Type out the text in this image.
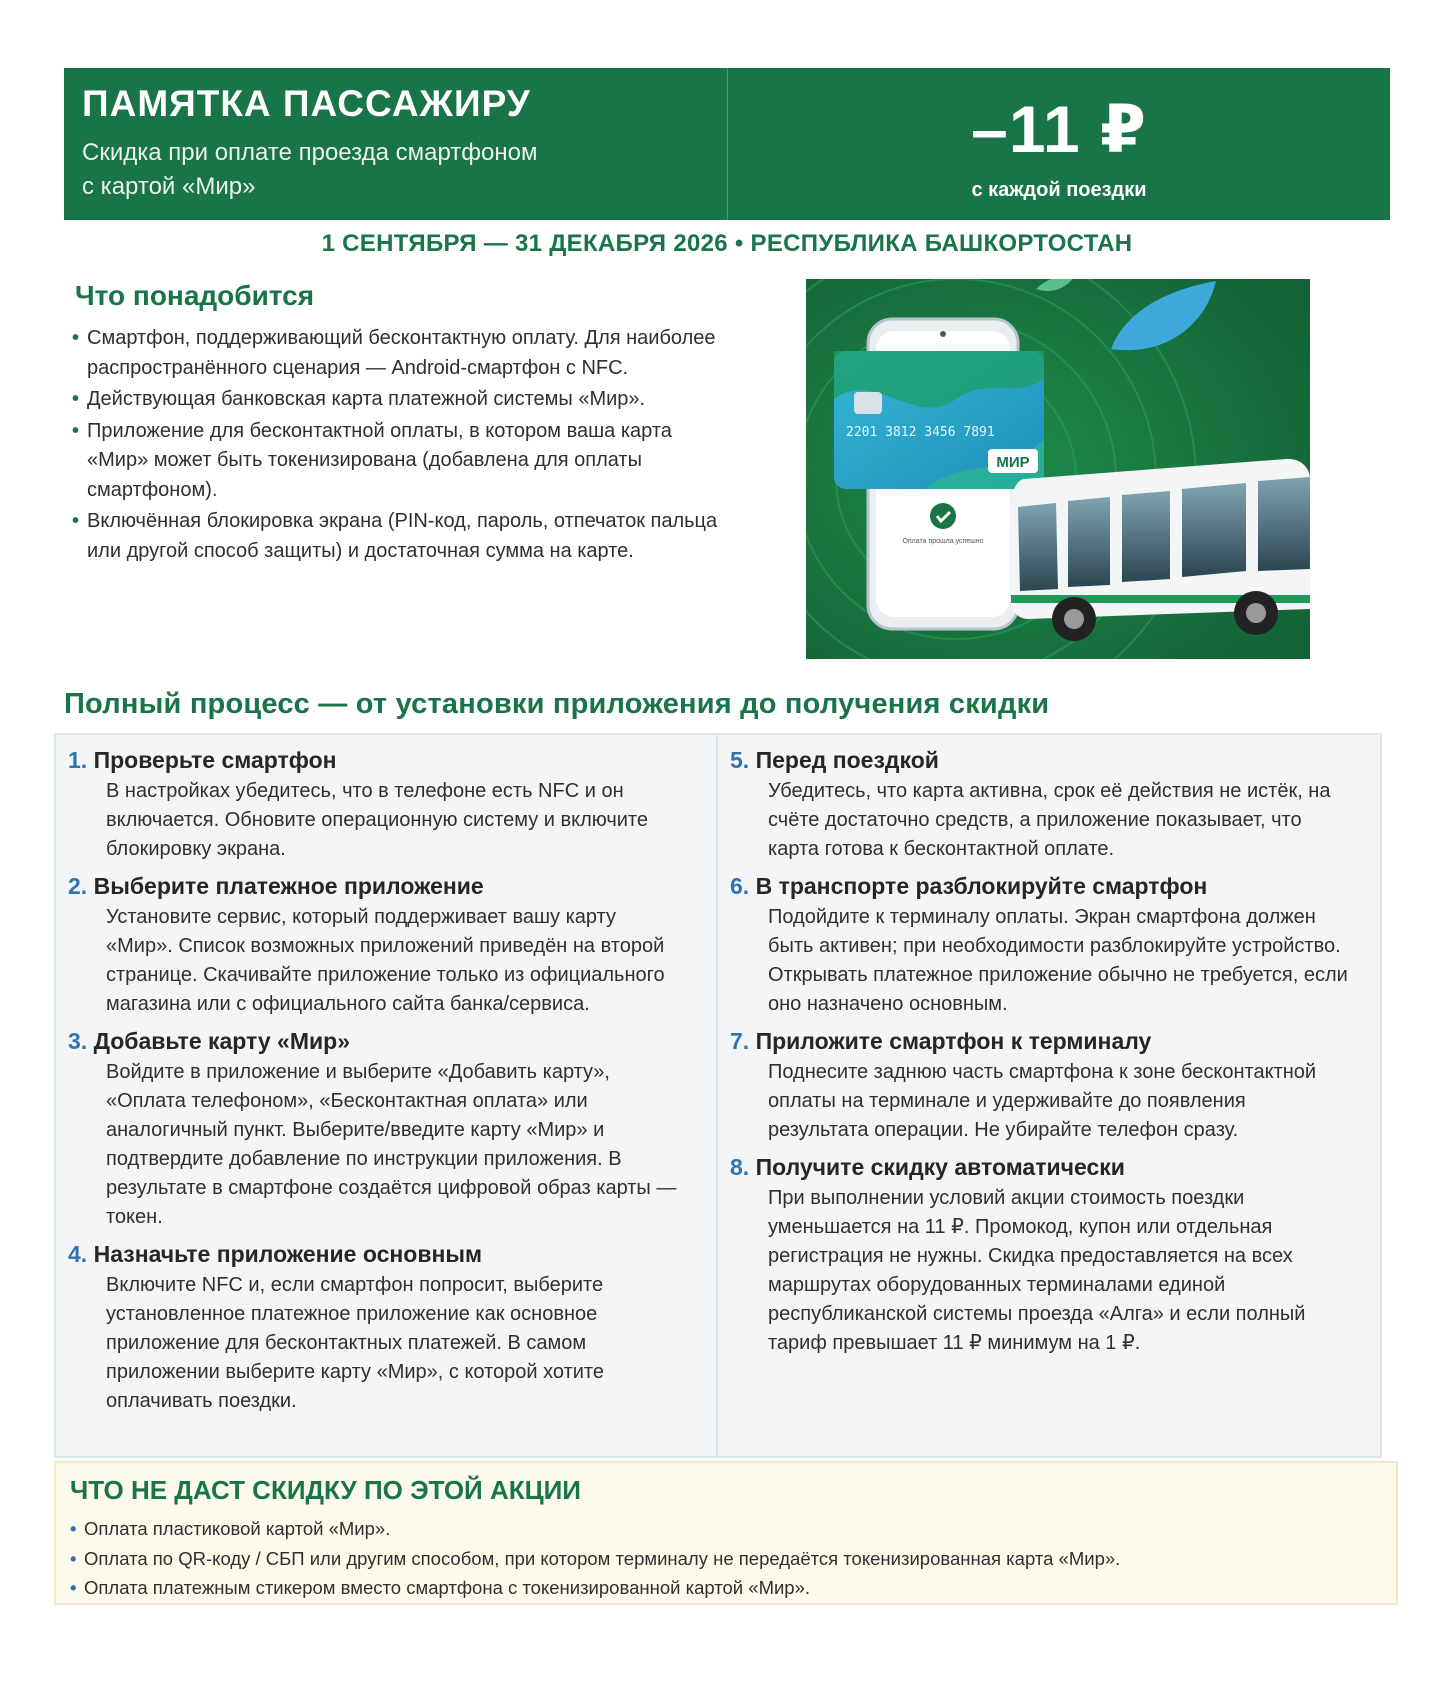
ПАМЯТКА ПАССАЖИРУ
Скидка при оплате проезда смартфоном
с картой «Мир»
–11 ₽
с каждой поездки
1 СЕНТЯБРЯ — 31 ДЕКАБРЯ 2026 • РЕСПУБЛИКА БАШКОРТОСТАН
Что понадобится
• Смартфон, поддерживающий бесконтактную оплату. Для наиболее распространённого сценария — Android-смартфон с NFC.
• Действующая банковская карта платежной системы «Мир».
• Приложение для бесконтактной оплаты, в котором ваша карта «Мир» может быть токенизирована (добавлена для оплаты смартфоном).
• Включённая блокировка экрана (PIN-код, пароль, отпечаток пальца или другой способ защиты) и достаточная сумма на карте.
2201 3812 3456 7891
МИР
Оплата прошла успешно
Полный процесс — от установки приложения до получения скидки
1. Проверьте смартфон
В настройках убедитесь, что в телефоне есть NFC и он включается. Обновите операционную систему и включите блокировку экрана.
2. Выберите платежное приложение
Установите сервис, который поддерживает вашу карту «Мир». Список возможных приложений приведён на второй странице. Скачивайте приложение только из официального магазина или с официального сайта банка/сервиса.
3. Добавьте карту «Мир»
Войдите в приложение и выберите «Добавить карту», «Оплата телефоном», «Бесконтактная оплата» или аналогичный пункт. Выберите/введите карту «Мир» и подтвердите добавление по инструкции приложения. В результате в смартфоне создаётся цифровой образ карты — токен.
4. Назначьте приложение основным
Включите NFC и, если смартфон попросит, выберите установленное платежное приложение как основное приложение для бесконтактных платежей. В самом приложении выберите карту «Мир», с которой хотите оплачивать поездки.
5. Перед поездкой
Убедитесь, что карта активна, срок её действия не истёк, на счёте достаточно средств, а приложение показывает, что карта готова к бесконтактной оплате.
6. В транспорте разблокируйте смартфон
Подойдите к терминалу оплаты. Экран смартфона должен быть активен; при необходимости разблокируйте устройство. Открывать платежное приложение обычно не требуется, если оно назначено основным.
7. Приложите смартфон к терминалу
Поднесите заднюю часть смартфона к зоне бесконтактной оплаты на терминале и удерживайте до появления результата операции. Не убирайте телефон сразу.
8. Получите скидку автоматически
При выполнении условий акции стоимость поездки уменьшается на 11 ₽. Промокод, купон или отдельная регистрация не нужны. Скидка предоставляется на всех маршрутах оборудованных терминалами единой республиканской системы проезда «Алга» и если полный тариф превышает 11 ₽ минимум на 1 ₽.
ЧТО НЕ ДАСТ СКИДКУ ПО ЭТОЙ АКЦИИ
• Оплата пластиковой картой «Мир».
• Оплата по QR-коду / СБП или другим способом, при котором терминалу не передаётся токенизированная карта «Мир».
• Оплата платежным стикером вместо смартфона с токенизированной картой «Мир».
